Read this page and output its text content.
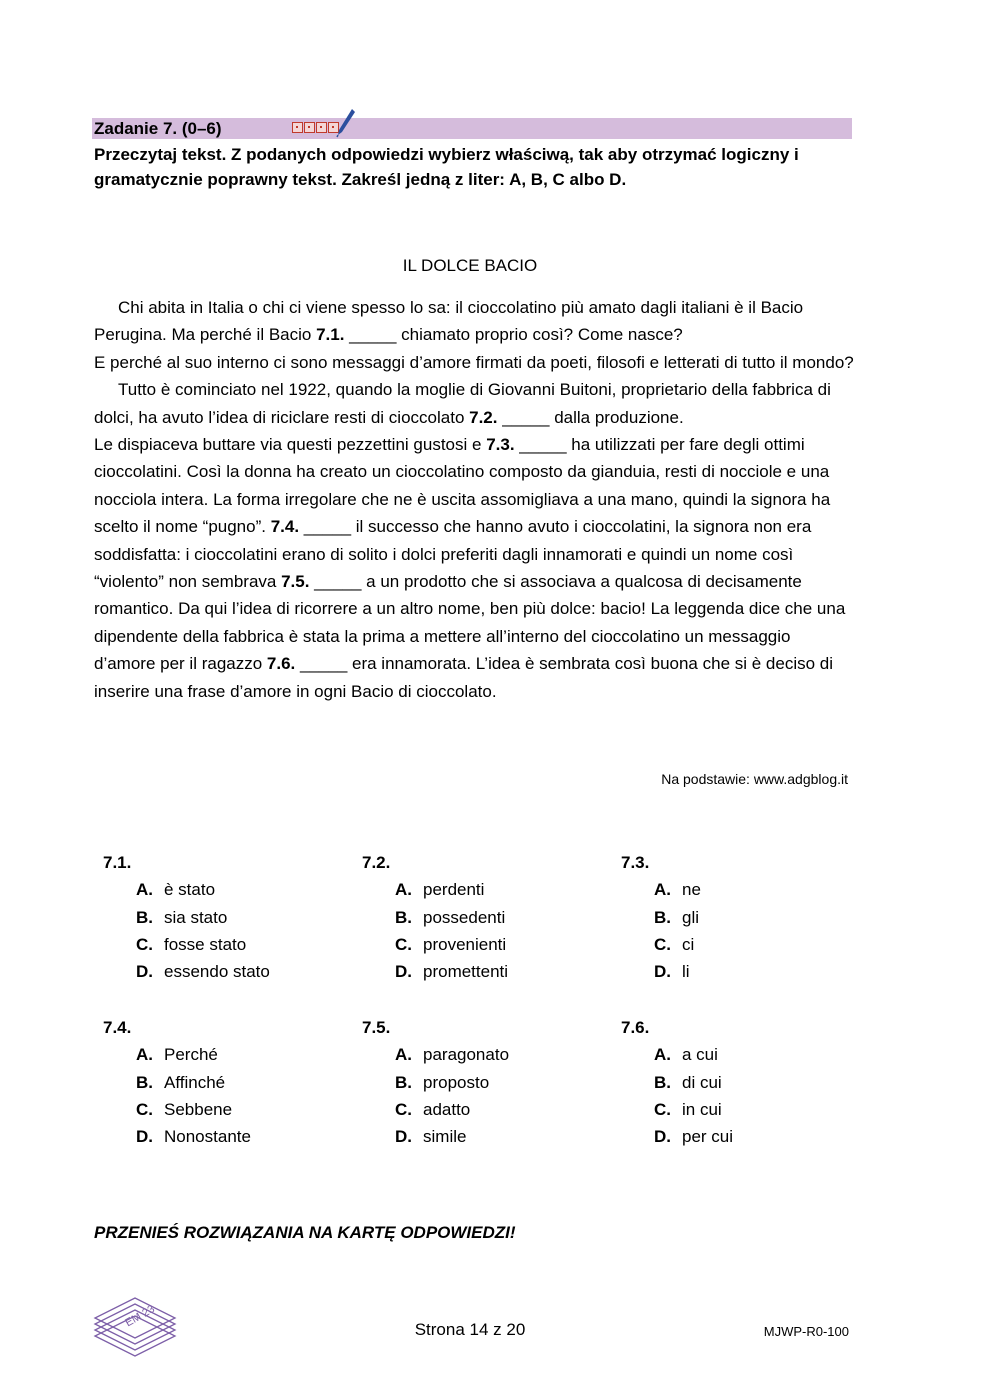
Zadanie 7. (0–6)
Przeczytaj tekst. Z podanych odpowiedzi wybierz właściwą, tak aby otrzymać logiczny i gramatycznie poprawny tekst. Zakreśl jedną z liter: A, B, C albo D.
IL DOLCE BACIO

Chi abita in Italia o chi ci viene spesso lo sa: il cioccolatino più amato dagli italiani è il Bacio Perugina. Ma perché il Bacio 7.1. _____ chiamato proprio così? Come nasce?

E perché al suo interno ci sono messaggi d’amore firmati da poeti, filosofi e letterati di tutto il mondo?

Tutto è cominciato nel 1922, quando la moglie di Giovanni Buitoni, proprietario della fabbrica di dolci, ha avuto l’idea di riciclare resti di cioccolato 7.2. _____ dalla produzione.

Le dispiaceva buttare via questi pezzettini gustosi e 7.3. _____ ha utilizzati per fare degli ottimi cioccolatini. Così la donna ha creato un cioccolatino composto da gianduia, resti di nocciole e una nocciola intera. La forma irregolare che ne è uscita assomigliava a una mano, quindi la signora ha scelto il nome “pugno”. 7.4. _____ il successo che hanno avuto i cioccolatini, la signora non era soddisfatta: i cioccolatini erano di solito i dolci preferiti dagli innamorati e quindi un nome così “violento” non sembrava 7.5. _____ a un prodotto che si associava a qualcosa di decisamente romantico. Da qui l’idea di ricorrere a un altro nome, ben più dolce: bacio! La leggenda dice che una dipendente della fabbrica è stata la prima a mettere all’interno del cioccolatino un messaggio d’amore per il ragazzo 7.6. _____ era innamorata. L’idea è sembrata così buona che si è deciso di inserire una frase d’amore in ogni Bacio di cioccolato.

Na podstawie: www.adgblog.it
7.1.
A. è stato
B. sia stato
C. fosse stato
D. essendo stato
7.2.
A. perdenti
B. possedenti
C. provenienti
D. promettenti
7.3.
A. ne
B. gli
C. ci
D. li
7.4.
A. Perché
B. Affinché
C. Sebbene
D. Nonostante
7.5.
A. paragonato
B. proposto
C. adatto
D. simile
7.6.
A. a cui
B. di cui
C. in cui
D. per cui
PRZENIEŚ ROZWIĄZANIA NA KARTĘ ODPOWIEDZI!
EM 23
Strona 14 z 20	MJWP-R0-100
